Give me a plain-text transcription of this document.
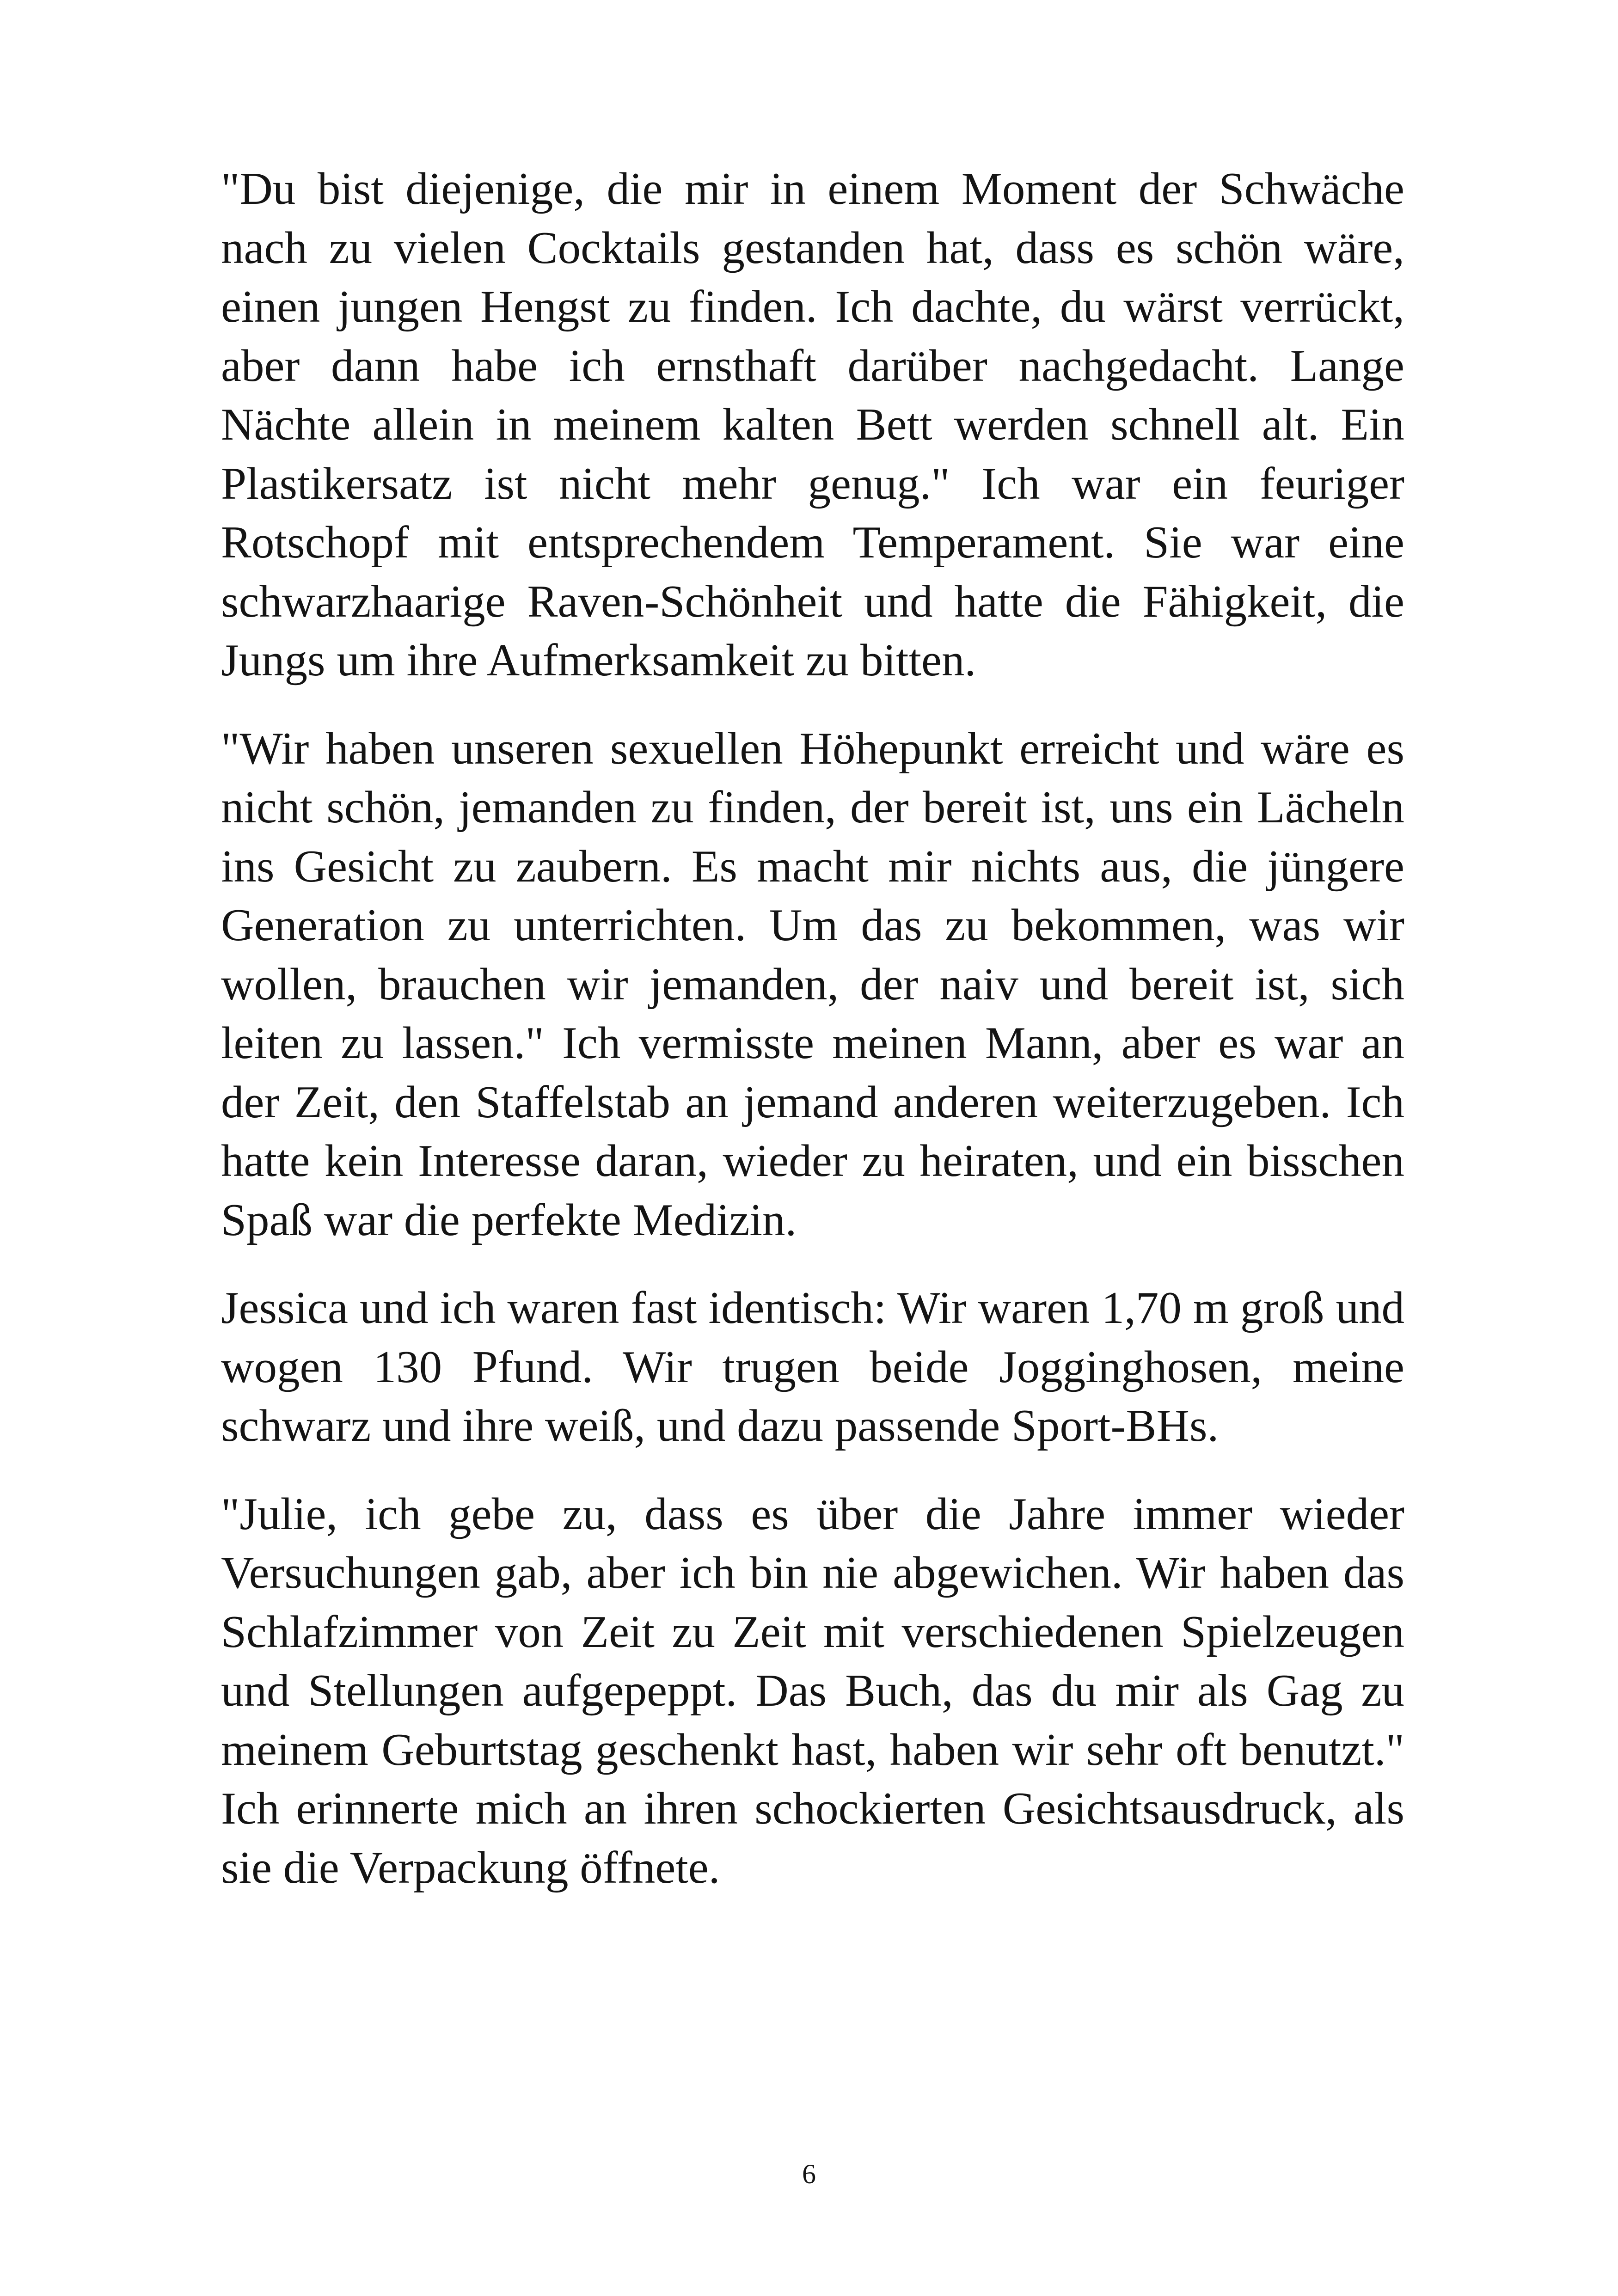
"Du bist diejenige, die mir in einem Moment der Schwäche nach zu vielen Cocktails gestanden hat, dass es schön wäre, einen jungen Hengst zu finden. Ich dachte, du wärst verrückt, aber dann habe ich ernsthaft darüber nachgedacht. Lange Nächte allein in meinem kalten Bett werden schnell alt. Ein Plastikersatz ist nicht mehr genug." Ich war ein feuriger Rotschopf mit entsprechendem Temperament. Sie war eine schwarzhaarige Raven-Schönheit und hatte die Fähigkeit, die Jungs um ihre Aufmerksamkeit zu bitten.

"Wir haben unseren sexuellen Höhepunkt erreicht und wäre es nicht schön, jemanden zu finden, der bereit ist, uns ein Lächeln ins Gesicht zu zaubern. Es macht mir nichts aus, die jüngere Generation zu unterrichten. Um das zu bekommen, was wir wollen, brauchen wir jemanden, der naiv und bereit ist, sich leiten zu lassen." Ich vermisste meinen Mann, aber es war an der Zeit, den Staffelstab an jemand anderen weiterzugeben. Ich hatte kein Interesse daran, wieder zu heiraten, und ein bisschen Spaß war die perfekte Medizin.

Jessica und ich waren fast identisch: Wir waren 1,70 m groß und wogen 130 Pfund. Wir trugen beide Jogginghosen, meine schwarz und ihre weiß, und dazu passende Sport-BHs.

"Julie, ich gebe zu, dass es über die Jahre immer wieder Versuchungen gab, aber ich bin nie abgewichen. Wir haben das Schlafzimmer von Zeit zu Zeit mit verschiedenen Spielzeugen und Stellungen aufgepeppt. Das Buch, das du mir als Gag zu meinem Geburtstag geschenkt hast, haben wir sehr oft benutzt." Ich erinnerte mich an ihren schockierten Gesichtsausdruck, als sie die Verpackung öffnete.

6
